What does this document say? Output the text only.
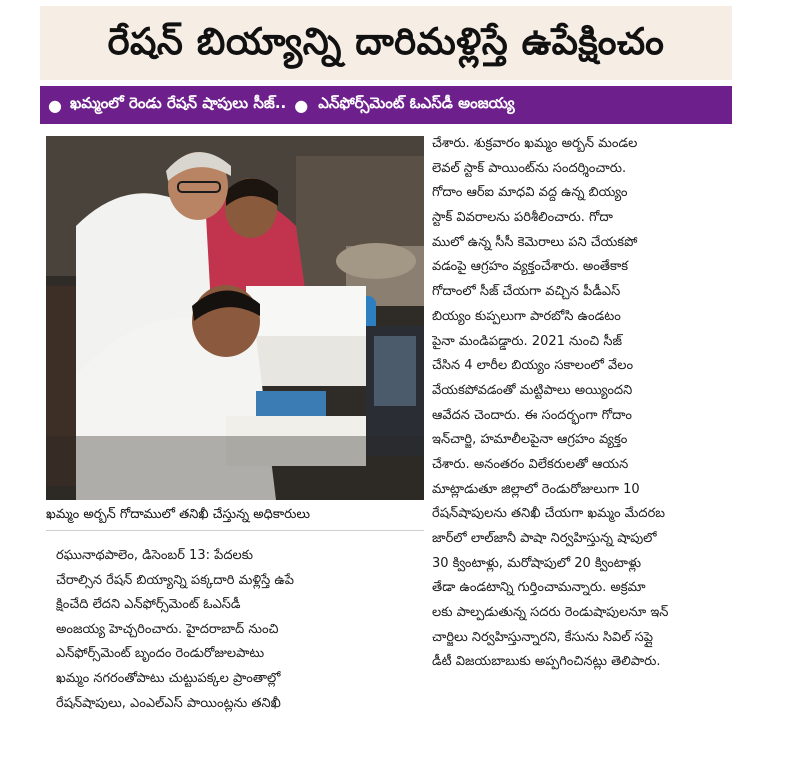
రేషన్ బియ్యాన్ని దారిమళ్లిస్తే ఉపేక్షించం
● ఖమ్మంలో రెండు రేషన్ షాపులు సీజ్.. ● ఎన్‌ఫోర్స్‌మెంట్ ఓఎస్‌డీ అంజయ్య
ఖమ్మం అర్బన్ గోదాములో తనిఖీ చేస్తున్న అధికారులు
చేశారు. శుక్రవారం ఖమ్మం అర్బన్ మండల
లెవల్ స్టాక్ పాయింట్‌ను సందర్శించారు.
గోదాం ఆర్ఐ మాధవి వద్ద ఉన్న బియ్యం
స్టాక్ వివరాలను పరిశీలించారు. గోదా
ములో ఉన్న సీసీ కెమెరాలు పని చేయకపో
వడంపై ఆగ్రహం వ్యక్తంచేశారు. అంతేకాక
గోదాంలో సీజ్ చేయగా వచ్చిన పీడీఎస్
బియ్యం కుప్పలుగా పారబోసి ఉండటం
పైనా మండిపడ్డారు. 2021 నుంచి సీజ్
చేసిన 4 లారీల బియ్యం సకాలంలో వేలం
వేయకపోవడంతో మట్టిపాలు అయ్యిందని
ఆవేదన చెందారు. ఈ సందర్భంగా గోదాం
ఇన్‌చార్జి, హమాలీలపైనా ఆగ్రహం వ్యక్తం
చేశారు. అనంతరం విలేకరులతో ఆయన
మాట్లాడుతూ జిల్లాలో రెండురోజులుగా 10
రేషన్‌షాపులను తనిఖీ చేయగా ఖమ్మం మేదరబ
జార్‌లో లాల్‌జానీ పాషా నిర్వహిస్తున్న షాపులో
30 క్వింటాళ్లు, మరోషాపులో 20 క్వింటాళ్లు
తేడా ఉండటాన్ని గుర్తించామన్నారు. అక్రమా
లకు పాల్పడుతున్న సదరు రెండుషాపులనూ ఇన్
చార్జిలు నిర్వహిస్తున్నారని, కేసును సివిల్ సప్లై
డీటీ విజయబాబుకు అప్పగించినట్లు తెలిపారు.
రఘునాథపాలెం, డిసెంబర్ 13: పేదలకు
చేరాల్సిన రేషన్ బియ్యాన్ని పక్కదారి మళ్లిస్తే ఉపే
క్షించేది లేదని ఎన్‌ఫోర్స్‌మెంట్ ఓఎస్‌డీ
అంజయ్య హెచ్చరించారు. హైదరాబాద్ నుంచి
ఎన్‌ఫోర్స్‌మెంట్ బృందం రెండురోజులపాటు
ఖమ్మం నగరంతోపాటు చుట్టుపక్కల ప్రాంతాల్లో
రేషన్‌షాపులు, ఎంఎల్ఎస్ పాయింట్లను తనిఖీ
